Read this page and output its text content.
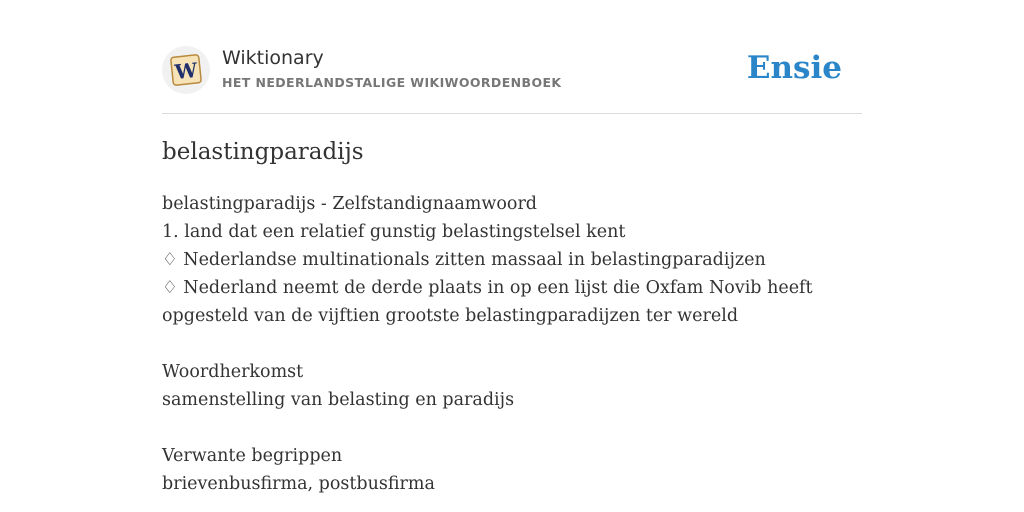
W Wiktionary
HET NEDERLANDSTALIGE WIKIWOORDENBOEK	Ensie
belastingparadijs
belastingparadijs - Zelfstandignaamwoord
1. land dat een relatief gunstig belastingstelsel kent
♢ Nederlandse multinationals zitten massaal in belastingparadijzen
♢ Nederland neemt de derde plaats in op een lijst die Oxfam Novib heeft
opgesteld van de vijftien grootste belastingparadijzen ter wereld
Woordherkomst
samenstelling van belasting en paradijs
Verwante begrippen
brievenbusfirma, postbusfirma
